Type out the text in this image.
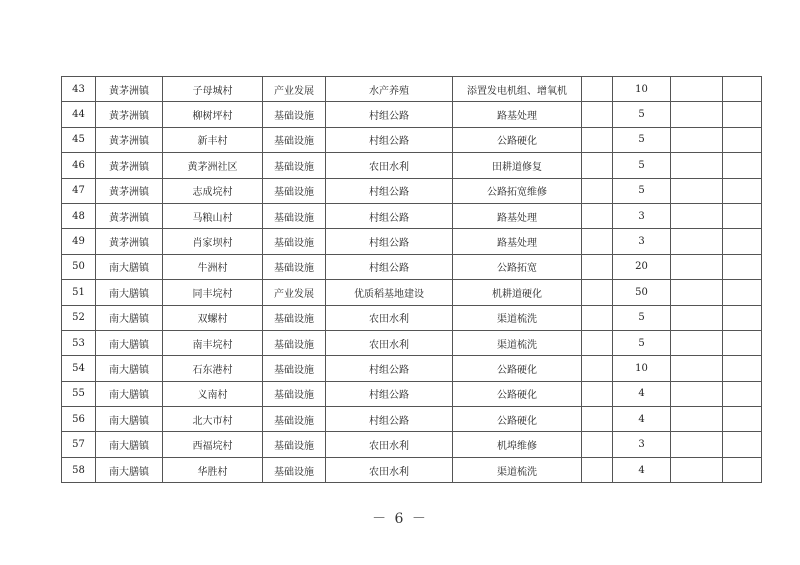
43	黄茅洲镇	子母城村	产业发展	水产养殖	添置发电机组、增氧机		10		
44	黄茅洲镇	柳树坪村	基础设施	村组公路	路基处理		5		
45	黄茅洲镇	新丰村	基础设施	村组公路	公路硬化		5		
46	黄茅洲镇	黄茅洲社区	基础设施	农田水利	田耕道修复		5		
47	黄茅洲镇	志成垸村	基础设施	村组公路	公路拓宽维修		5		
48	黄茅洲镇	马粮山村	基础设施	村组公路	路基处理		3		
49	黄茅洲镇	肖家坝村	基础设施	村组公路	路基处理		3		
50	南大膳镇	牛洲村	基础设施	村组公路	公路拓宽		20		
51	南大膳镇	同丰垸村	产业发展	优质稻基地建设	机耕道硬化		50		
52	南大膳镇	双螺村	基础设施	农田水利	渠道梳洗		5		
53	南大膳镇	南丰垸村	基础设施	农田水利	渠道梳洗		5		
54	南大膳镇	石东港村	基础设施	村组公路	公路硬化		10		
55	南大膳镇	义南村	基础设施	村组公路	公路硬化		4		
56	南大膳镇	北大市村	基础设施	村组公路	公路硬化		4		
57	南大膳镇	西福垸村	基础设施	农田水利	机埠维修		3		
58	南大膳镇	华胜村	基础设施	农田水利	渠道梳洗		4		
－ 6 －
